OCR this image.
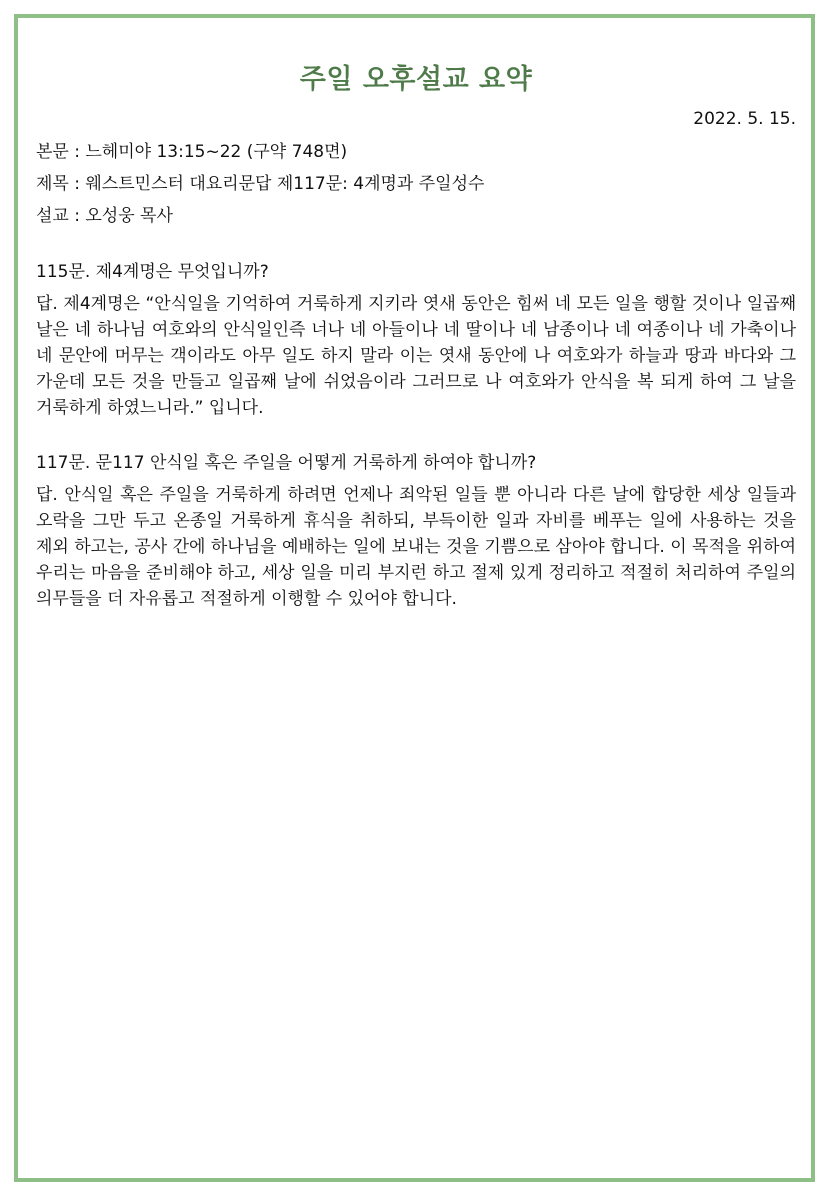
주일 오후설교 요약
2022. 5. 15.
본문 : 느헤미야 13:15~22 (구약 748면)
제목 : 웨스트민스터 대요리문답 제117문: 4계명과 주일성수
설교 : 오성웅 목사
115문. 제4계명은 무엇입니까?
답. 제4계명은 “안식일을 기억하여 거룩하게 지키라 엿새 동안은 힘써 네 모든 일을 행할 것이나 일곱째 날은 네 하나님 여호와의 안식일인즉 너나 네 아들이나 네 딸이나 네 남종이나 네 여종이나 네 가축이나 네 문안에 머무는 객이라도 아무 일도 하지 말라 이는 엿새 동안에 나 여호와가 하늘과 땅과 바다와 그 가운데 모든 것을 만들고 일곱째 날에 쉬었음이라 그러므로 나 여호와가 안식을 복 되게 하여 그 날을 거룩하게 하였느니라.” 입니다.
117문. 문117 안식일 혹은 주일을 어떻게 거룩하게 하여야 합니까?
답. 안식일 혹은 주일을 거룩하게 하려면 언제나 죄악된 일들 뿐 아니라 다른 날에 합당한 세상 일들과 오락을 그만 두고 온종일 거룩하게 휴식을 취하되, 부득이한 일과 자비를 베푸는 일에 사용하는 것을 제외 하고는, 공사 간에 하나님을 예배하는 일에 보내는 것을 기쁨으로 삼아야 합니다. 이 목적을 위하여 우리는 마음을 준비해야 하고, 세상 일을 미리 부지런 하고 절제 있게 정리하고 적절히 처리하여 주일의 의무들을 더 자유롭고 적절하게 이행할 수 있어야 합니다.
